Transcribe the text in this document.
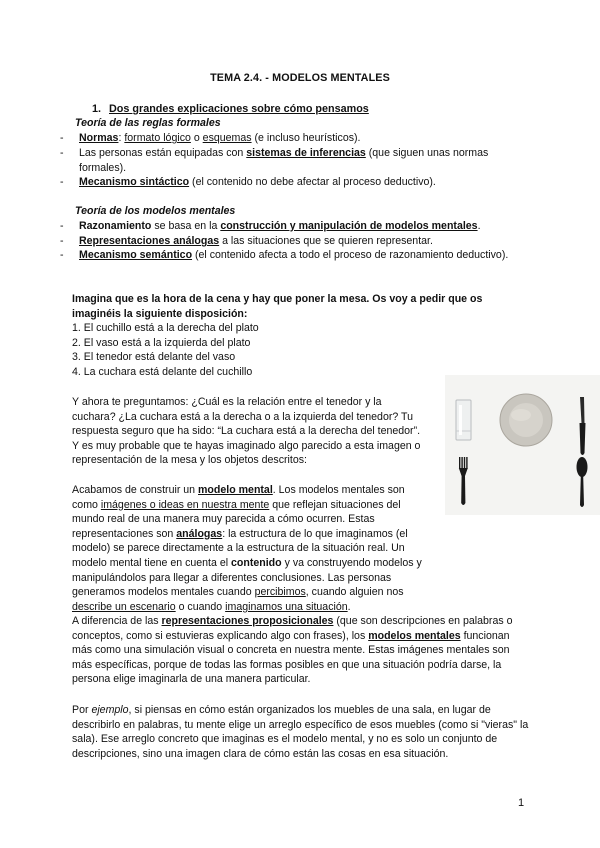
TEMA 2.4. - MODELOS MENTALES
1. Dos grandes explicaciones sobre cómo pensamos
Teoría de las reglas formales
- Normas: formato lógico o esquemas (e incluso heurísticos).
- Las personas están equipadas con sistemas de inferencias (que siguen unas normas formales).
- Mecanismo sintáctico (el contenido no debe afectar al proceso deductivo).
Teoría de los modelos mentales
- Razonamiento se basa en la construcción y manipulación de modelos mentales.
- Representaciones análogas a las situaciones que se quieren representar.
- Mecanismo semántico (el contenido afecta a todo el proceso de razonamiento deductivo).
Imagina que es la hora de la cena y hay que poner la mesa. Os voy a pedir que os imaginéis la siguiente disposición:
1. El cuchillo está a la derecha del plato
2. El vaso está a la izquierda del plato
3. El tenedor está delante del vaso
4. La cuchara está delante del cuchillo
Y ahora te preguntamos: ¿Cuál es la relación entre el tenedor y la cuchara? ¿La cuchara está a la derecha o a la izquierda del tenedor? Tu respuesta seguro que ha sido: “La cuchara está a la derecha del tenedor”. Y es muy probable que te hayas imaginado algo parecido a esta imagen o representación de la mesa y los objetos descritos:
Acabamos de construir un modelo mental. Los modelos mentales son como imágenes o ideas en nuestra mente que reflejan situaciones del mundo real de una manera muy parecida a cómo ocurren. Estas representaciones son análogas: la estructura de lo que imaginamos (el modelo) se parece directamente a la estructura de la situación real. Un modelo mental tiene en cuenta el contenido y va construyendo modelos y manipulándolos para llegar a diferentes conclusiones. Las personas generamos modelos mentales cuando percibimos, cuando alguien nos describe un escenario o cuando imaginamos una situación.
A diferencia de las representaciones proposicionales (que son descripciones en palabras o conceptos, como si estuvieras explicando algo con frases), los modelos mentales funcionan más como una simulación visual o concreta en nuestra mente. Estas imágenes mentales son más específicas, porque de todas las formas posibles en que una situación podría darse, la persona elige imaginarla de una manera particular.
Por ejemplo, si piensas en cómo están organizados los muebles de una sala, en lugar de describirlo en palabras, tu mente elige un arreglo específico de esos muebles (como si "vieras" la sala). Ese arreglo concreto que imaginas es el modelo mental, y no es solo un conjunto de descripciones, sino una imagen clara de cómo están las cosas en esa situación.
1
